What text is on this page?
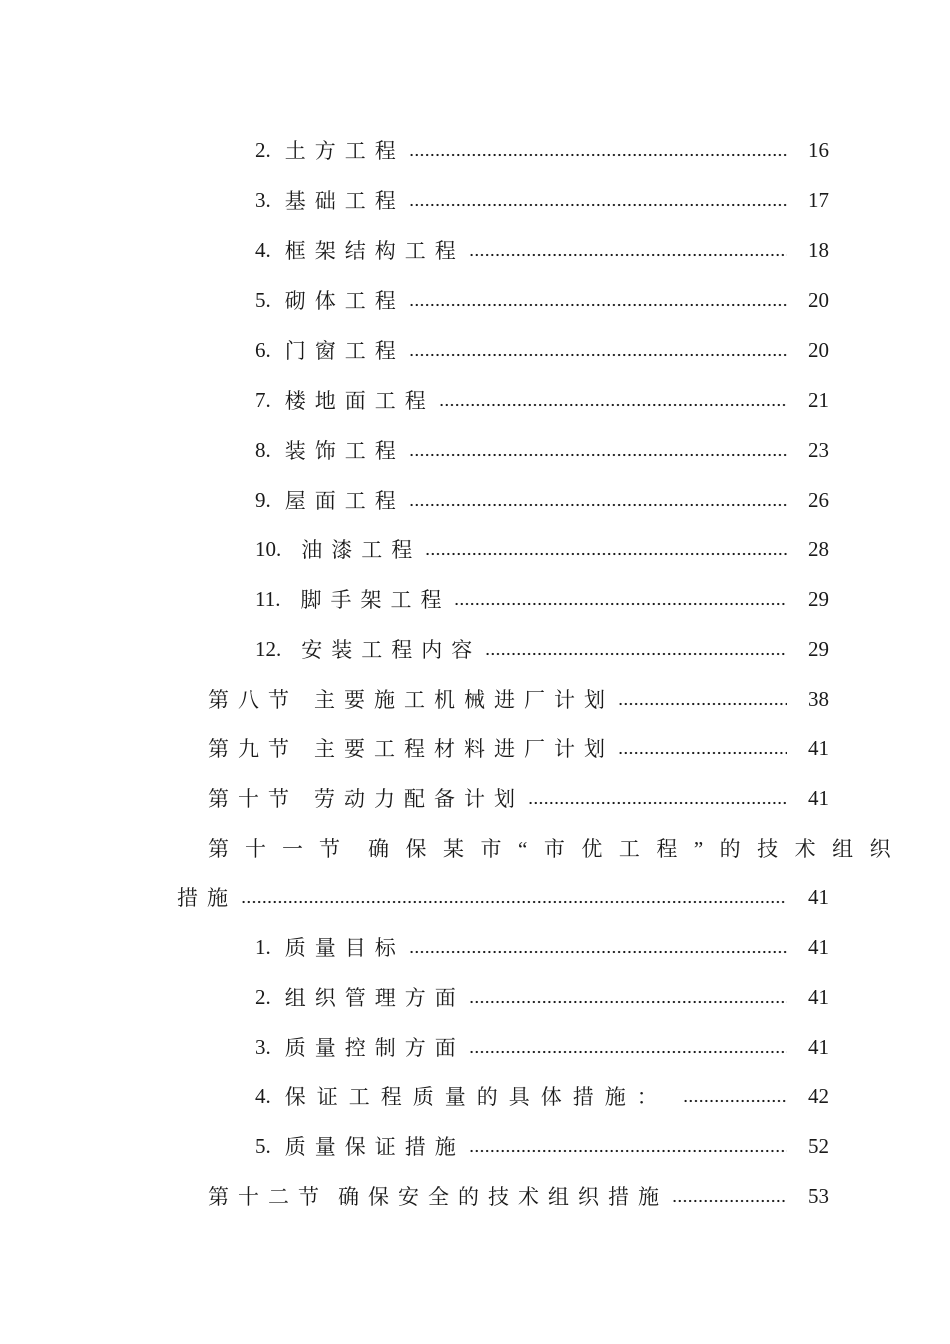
2. 土方工程	16
3. 基础工程	17
4. 框架结构工程	18
5. 砌体工程	20
6. 门窗工程	20
7. 楼地面工程	21
8. 装饰工程	23
9. 屋面工程	26
10. 油漆工程	28
11. 脚手架工程	29
12. 安装工程内容	29
第八节 主要施工机械进厂计划	38
第九节 主要工程材料进厂计划	41
第十节 劳动力配备计划	41
第十一节 确保某市“市优工程”的技术组织
措施	41
1. 质量目标	41
2. 组织管理方面	41
3. 质量控制方面	41
4. 保证工程质量的具体措施：	42
5. 质量保证措施	52
第十二节 确保安全的技术组织措施	53
